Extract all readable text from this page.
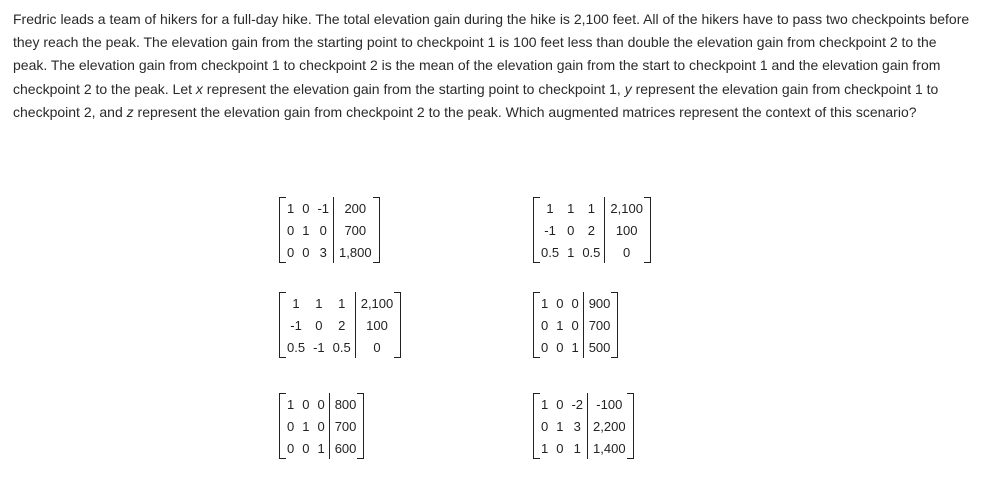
Fredric leads a team of hikers for a full-day hike. The total elevation gain during the hike is 2,100 feet. All of the hikers have to pass two checkpoints before they reach the peak. The elevation gain from the starting point to checkpoint 1 is 100 feet less than double the elevation gain from checkpoint 2 to the peak. The elevation gain from checkpoint 1 to checkpoint 2 is the mean of the elevation gain from the start to checkpoint 1 and the elevation gain from checkpoint 2 to the peak. Let x represent the elevation gain from the starting point to checkpoint 1, y represent the elevation gain from checkpoint 1 to checkpoint 2, and z represent the elevation gain from checkpoint 2 to the peak. Which augmented matrices represent the context of this scenario?
1	0	-1	200
0	1	0	700
0	0	3	1,800
1	1	1	2,100
-1	0	2	100
0.5	1	0.5	0
1	1	1	2,100
-1	0	2	100
0.5	-1	0.5	0
1	0	0	900
0	1	0	700
0	0	1	500
1	0	0	800
0	1	0	700
0	0	1	600
1	0	-2	-100
0	1	3	2,200
1	0	1	1,400
